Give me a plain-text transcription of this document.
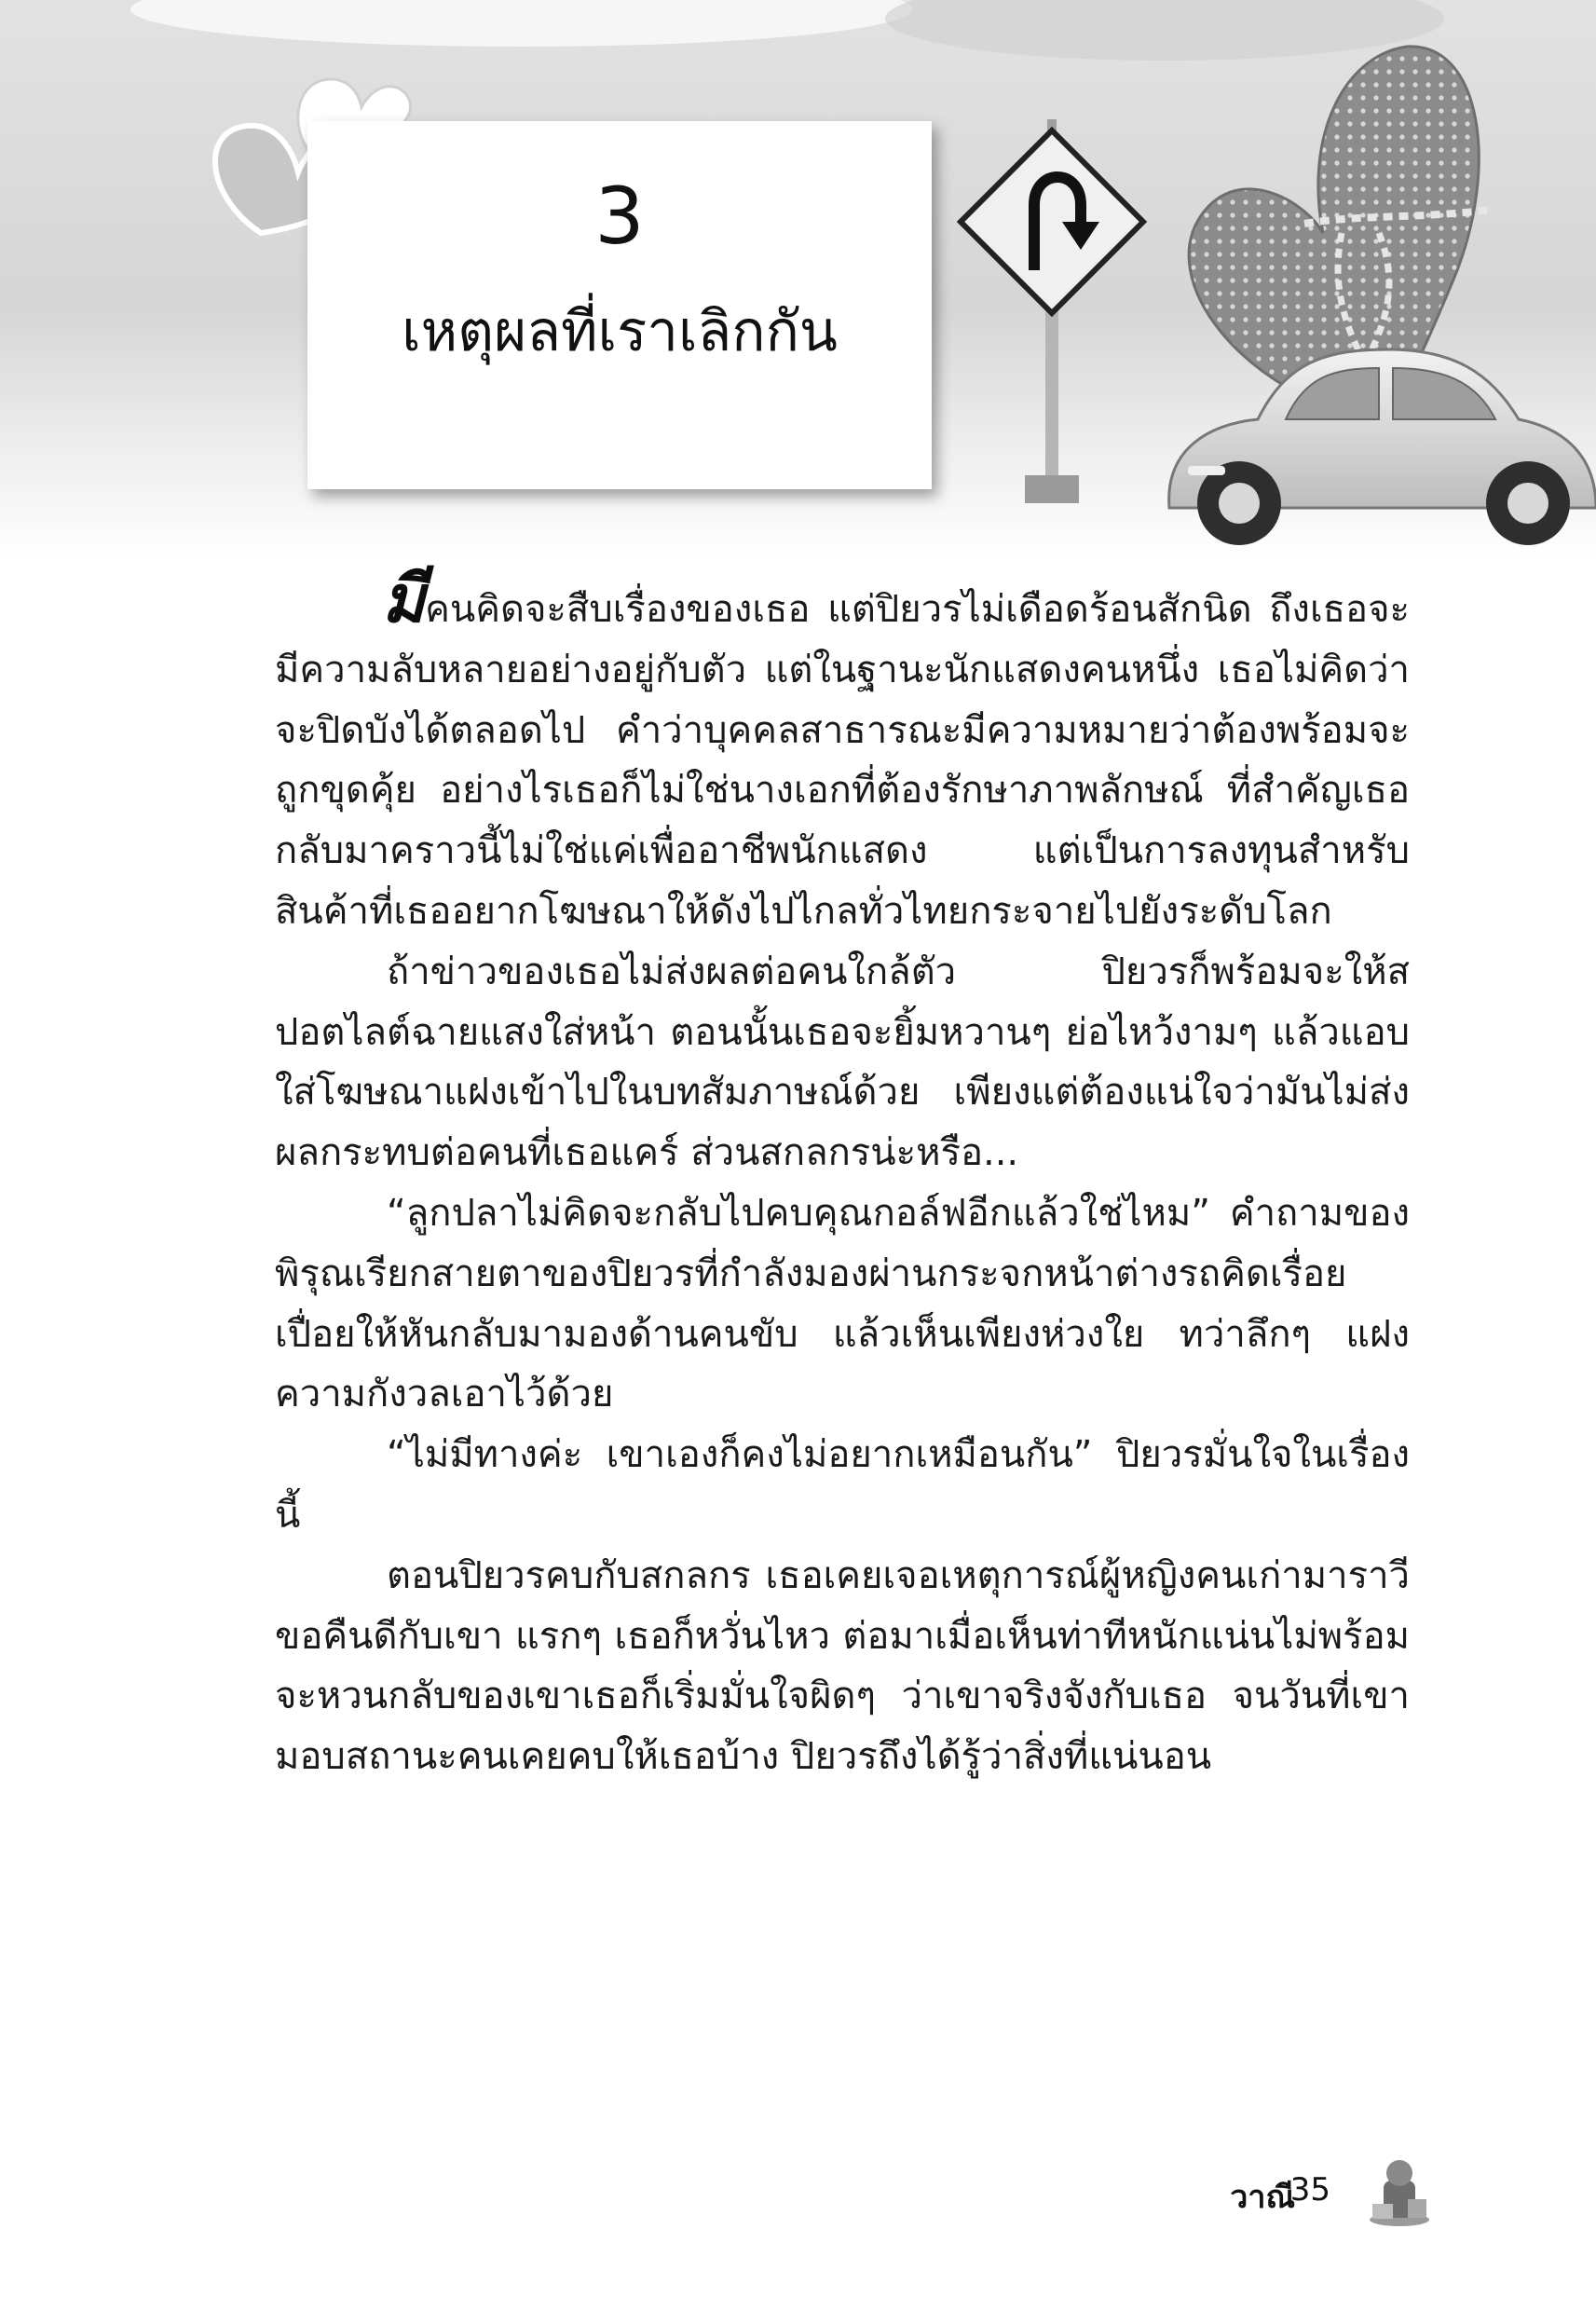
3
เหตุผลที่เราเลิกกัน

มีคนคิดจะสืบเรื่องของเธอ แต่ปิยวรไม่เดือดร้อนสักนิด ถึงเธอจะมีความลับหลายอย่างอยู่กับตัว แต่ในฐานะนักแสดงคนหนึ่ง เธอไม่คิดว่าจะปิดบังได้ตลอดไป คำว่าบุคคลสาธารณะมีความหมายว่าต้องพร้อมจะถูกขุดคุ้ย อย่างไรเธอก็ไม่ใช่นางเอกที่ต้องรักษาภาพลักษณ์ ที่สำคัญเธอกลับมาคราวนี้ไม่ใช่แค่เพื่ออาชีพนักแสดง แต่เป็นการลงทุนสำหรับสินค้าที่เธออยากโฆษณาให้ดังไปไกลทั่วไทยกระจายไปยังระดับโลก

ถ้าข่าวของเธอไม่ส่งผลต่อคนใกล้ตัว ปิยวรก็พร้อมจะให้สปอตไลต์ฉายแสงใส่หน้า ตอนนั้นเธอจะยิ้มหวานๆ ย่อไหว้งามๆ แล้วแอบใส่โฆษณาแฝงเข้าไปในบทสัมภาษณ์ด้วย เพียงแต่ต้องแน่ใจว่ามันไม่ส่งผลกระทบต่อคนที่เธอแคร์ ส่วนสกลกรน่ะหรือ...

“ลูกปลาไม่คิดจะกลับไปคบคุณกอล์ฟอีกแล้วใช่ไหม” คำถามของพิรุณเรียกสายตาของปิยวรที่กำลังมองผ่านกระจกหน้าต่างรถคิดเรื่อยเปื่อยให้หันกลับมามองด้านคนขับ แล้วเห็นเพียงห่วงใย ทว่าลึกๆ แฝงความกังวลเอาไว้ด้วย

“ไม่มีทางค่ะ เขาเองก็คงไม่อยากเหมือนกัน” ปิยวรมั่นใจในเรื่องนี้

ตอนปิยวรคบกับสกลกร เธอเคยเจอเหตุการณ์ผู้หญิงคนเก่ามาราวีขอคืนดีกับเขา แรกๆ เธอก็หวั่นไหว ต่อมาเมื่อเห็นท่าทีหนักแน่นไม่พร้อมจะหวนกลับของเขาเธอก็เริ่มมั่นใจผิดๆ ว่าเขาจริงจังกับเธอ จนวันที่เขามอบสถานะคนเคยคบให้เธอบ้าง ปิยวรถึงได้รู้ว่าสิ่งที่แน่นอน

วาณี
35
